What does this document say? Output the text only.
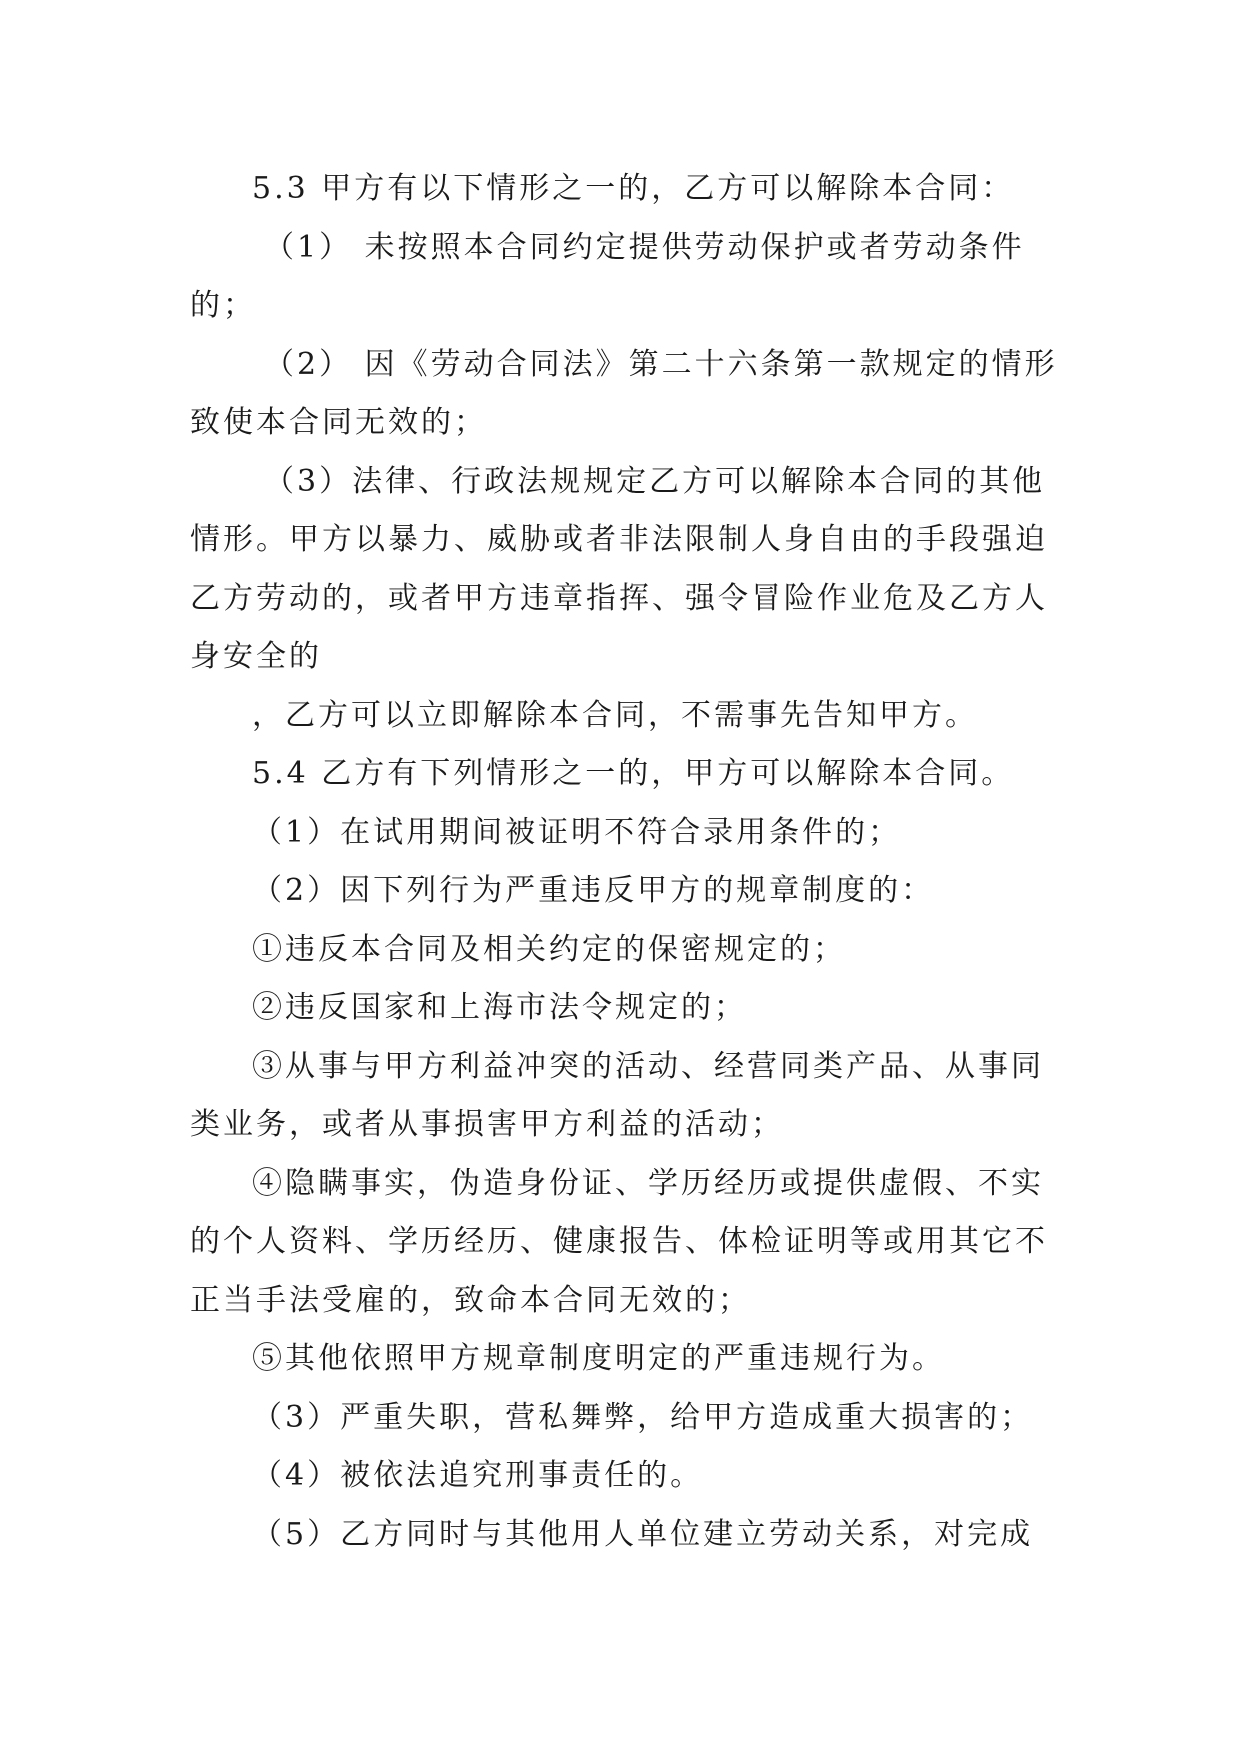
5.3 甲方有以下情形之一的，乙方可以解除本合同：
（1） 未按照本合同约定提供劳动保护或者劳动条件
的；
（2） 因《劳动合同法》第二十六条第一款规定的情形
致使本合同无效的；
（3）法律、行政法规规定乙方可以解除本合同的其他
情形。甲方以暴力、威胁或者非法限制人身自由的手段强迫
乙方劳动的，或者甲方违章指挥、强令冒险作业危及乙方人
身安全的
，乙方可以立即解除本合同，不需事先告知甲方。
5.4 乙方有下列情形之一的，甲方可以解除本合同。
（1）在试用期间被证明不符合录用条件的；
（2）因下列行为严重违反甲方的规章制度的：
①违反本合同及相关约定的保密规定的；
②违反国家和上海市法令规定的；
③从事与甲方利益冲突的活动、经营同类产品、从事同
类业务，或者从事损害甲方利益的活动；
④隐瞒事实，伪造身份证、学历经历或提供虚假、不实
的个人资料、学历经历、健康报告、体检证明等或用其它不
正当手法受雇的，致命本合同无效的；
⑤其他依照甲方规章制度明定的严重违规行为。
（3）严重失职，营私舞弊，给甲方造成重大损害的；
（4）被依法追究刑事责任的。
（5）乙方同时与其他用人单位建立劳动关系，对完成
